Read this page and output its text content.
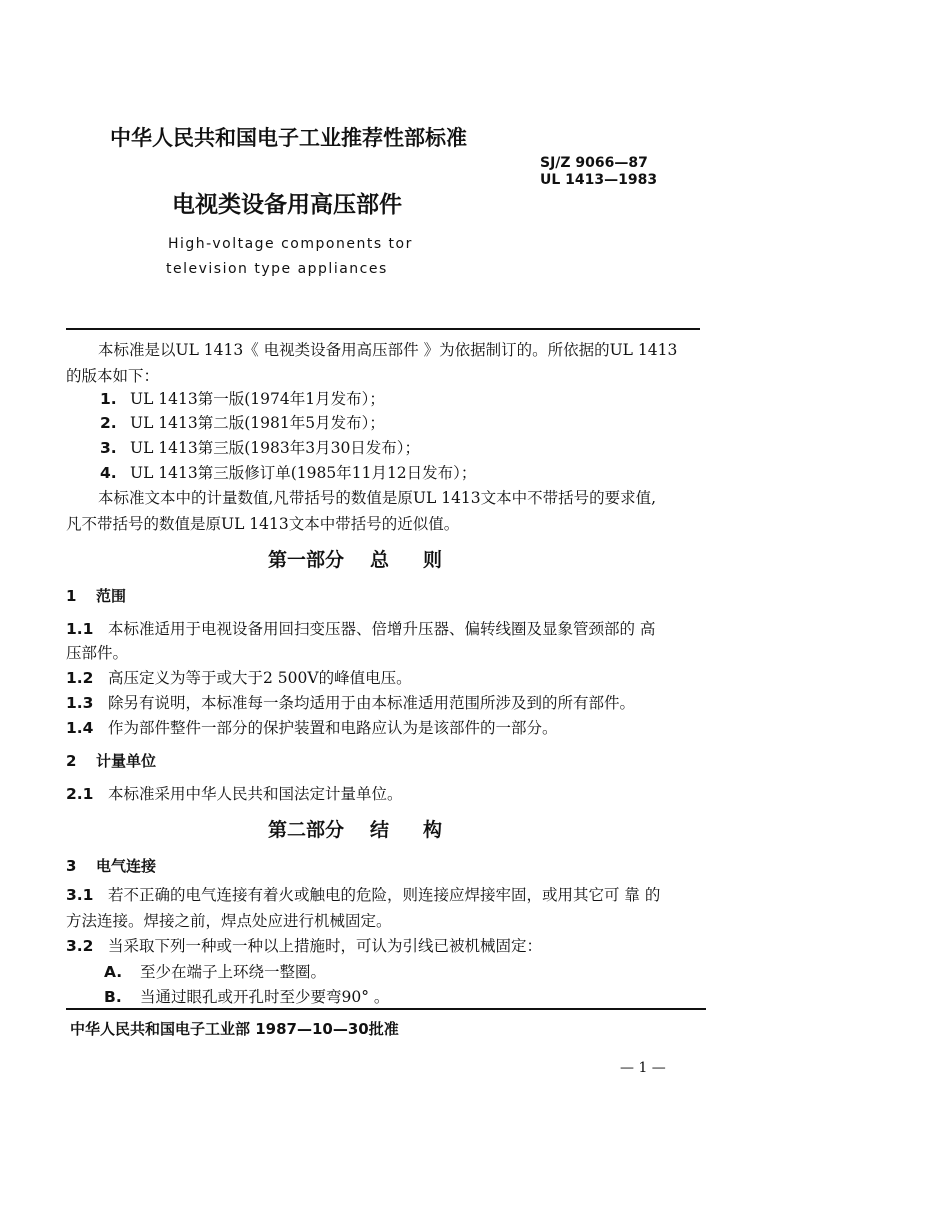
中华人民共和国电子工业推荐性部标准
SJ/Z 9066—87
UL 1413—1983
电视类设备用高压部件
High-voltage components tor
television type appliances
本标准是以UL 1413《 电视类设备用高压部件 》为依据制订的。所依据的UL 1413
的版本如下：
1. UL 1413第一版(1974年1月发布）；
2. UL 1413第二版(1981年5月发布）；
3. UL 1413第三版(1983年3月30日发布）；
4. UL 1413第三版修订单(1985年11月12日发布）；
本标准文本中的计量数值,凡带括号的数值是原UL 1413文本中不带括号的要求值,
凡不带括号的数值是原UL 1413文本中带括号的近似值。
第一部分 总则
1 范围
1.1 本标准适用于电视设备用回扫变压器、倍增升压器、偏转线圈及显象管颈部的 高
压部件。
1.2 高压定义为等于或大于2 500V的峰值电压。
1.3 除另有说明，本标准每一条均适用于由本标准适用范围所涉及到的所有部件。
1.4 作为部件整件一部分的保护装置和电路应认为是该部件的一部分。
2 计量单位
2.1 本标准采用中华人民共和国法定计量单位。
第二部分 结构
3 电气连接
3.1 若不正确的电气连接有着火或触电的危险，则连接应焊接牢固，或用其它可 靠 的
方法连接。焊接之前，焊点处应进行机械固定。
3.2 当采取下列一种或一种以上措施时，可认为引线已被机械固定：
A. 至少在端子上环绕一整圈。
B. 当通过眼孔或开孔时至少要弯90° 。
中华人民共和国电子工业部 1987—10—30批准
— 1 —
